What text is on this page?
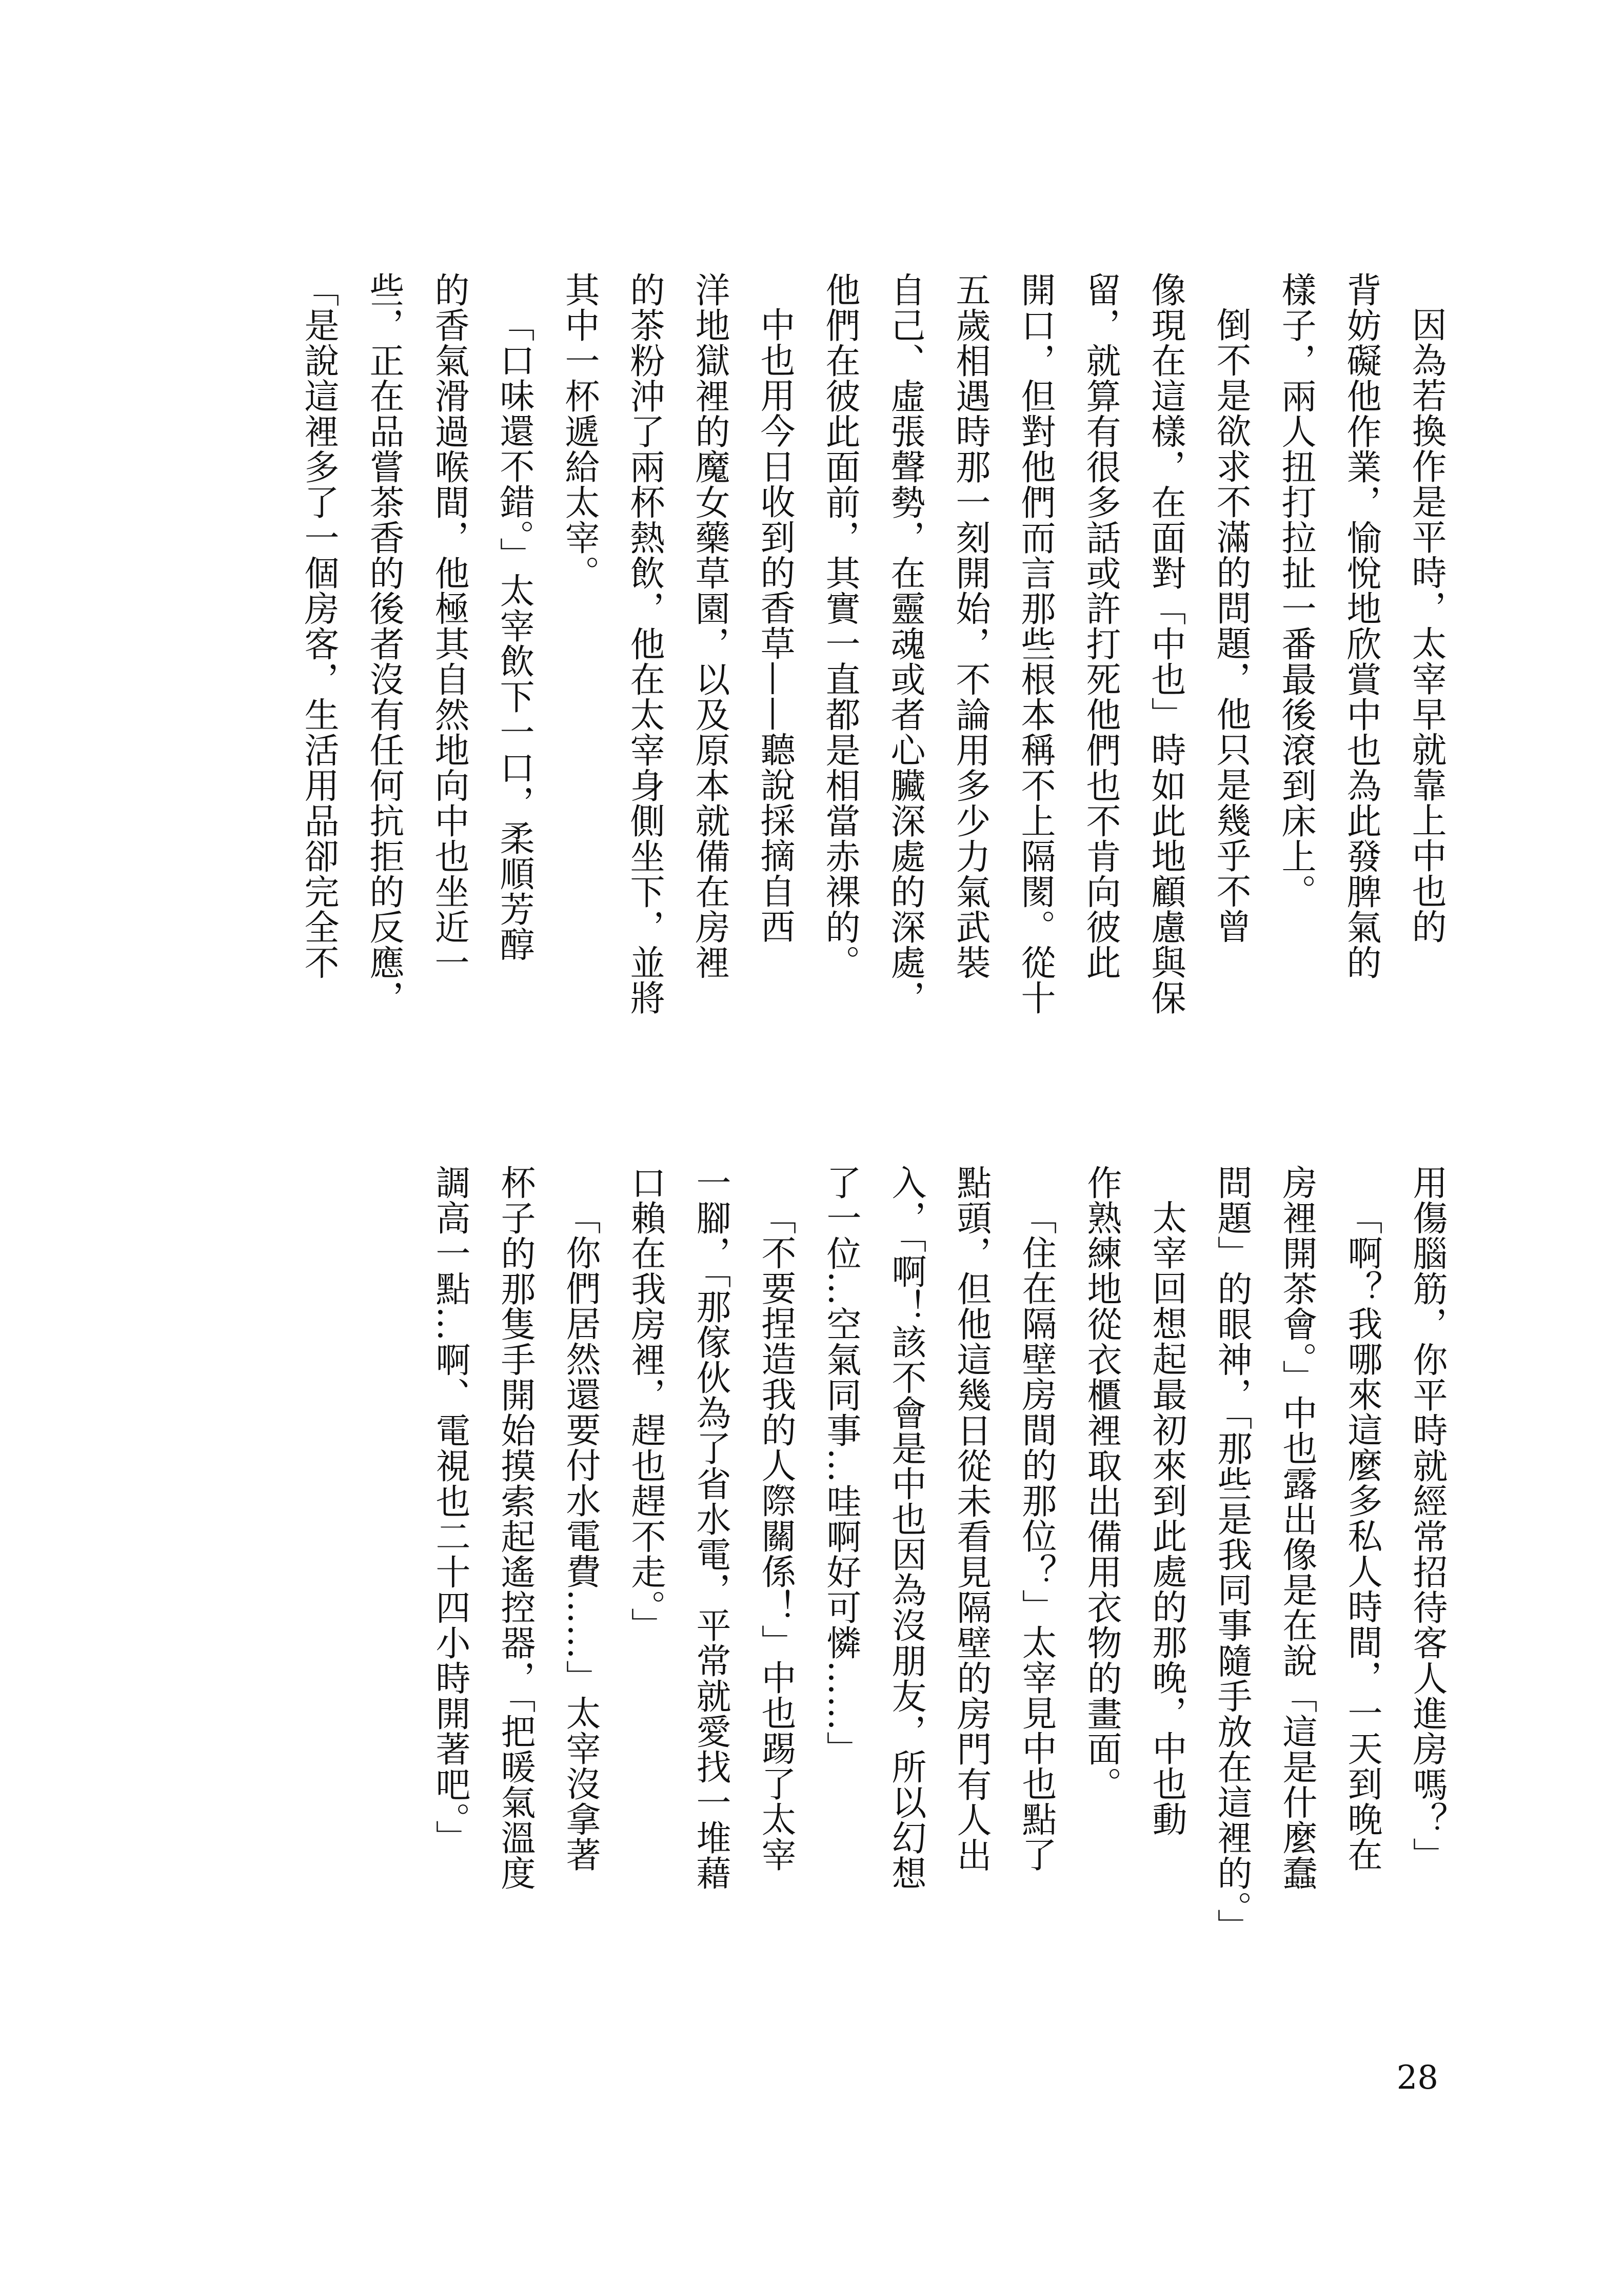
因為若換作是平時，太宰早就靠上中也的

背妨礙他作業，愉悅地欣賞中也為此發脾氣的

樣子，兩人扭打拉扯一番最後滾到床上。

倒不是欲求不滿的問題，他只是幾乎不曾

像現在這樣，在面對「中也」時如此地顧慮與保

留，就算有很多話或許打死他們也不肯向彼此

開口，但對他們而言那些根本稱不上隔閡。從十

五歲相遇時那一刻開始，不論用多少力氣武裝

自己、虛張聲勢，在靈魂或者心臟深處的深處，

他們在彼此面前，其實一直都是相當赤裸的。

中也用今日收到的香草——聽說採摘自西

洋地獄裡的魔女藥草園，以及原本就備在房裡

的茶粉沖了兩杯熱飲，他在太宰身側坐下，並將

其中一杯遞給太宰。

「口味還不錯。」太宰飲下一口，柔順芳醇

的香氣滑過喉間，他極其自然地向中也坐近一

些，正在品嘗茶香的後者沒有任何抗拒的反應，

「是說這裡多了一個房客，生活用品卻完全不

用傷腦筋，你平時就經常招待客人進房嗎？」

「啊？我哪來這麼多私人時間，一天到晚在

房裡開茶會。」中也露出像是在說「這是什麼蠢

問題」的眼神，「那些是我同事隨手放在這裡的。」

太宰回想起最初來到此處的那晚，中也動

作熟練地從衣櫃裡取出備用衣物的畫面。

「住在隔壁房間的那位？」太宰見中也點了

點頭，但他這幾日從未看見隔壁的房門有人出

入，「啊！該不會是中也因為沒朋友，所以幻想

了一位…空氣同事…哇啊好可憐……」

「不要捏造我的人際關係！」中也踢了太宰

一腳，「那傢伙為了省水電，平常就愛找一堆藉

口賴在我房裡，趕也趕不走。」

「你們居然還要付水電費……」太宰沒拿著

杯子的那隻手開始摸索起遙控器，「把暖氣溫度

調高一點…啊、電視也二十四小時開著吧。」

28
